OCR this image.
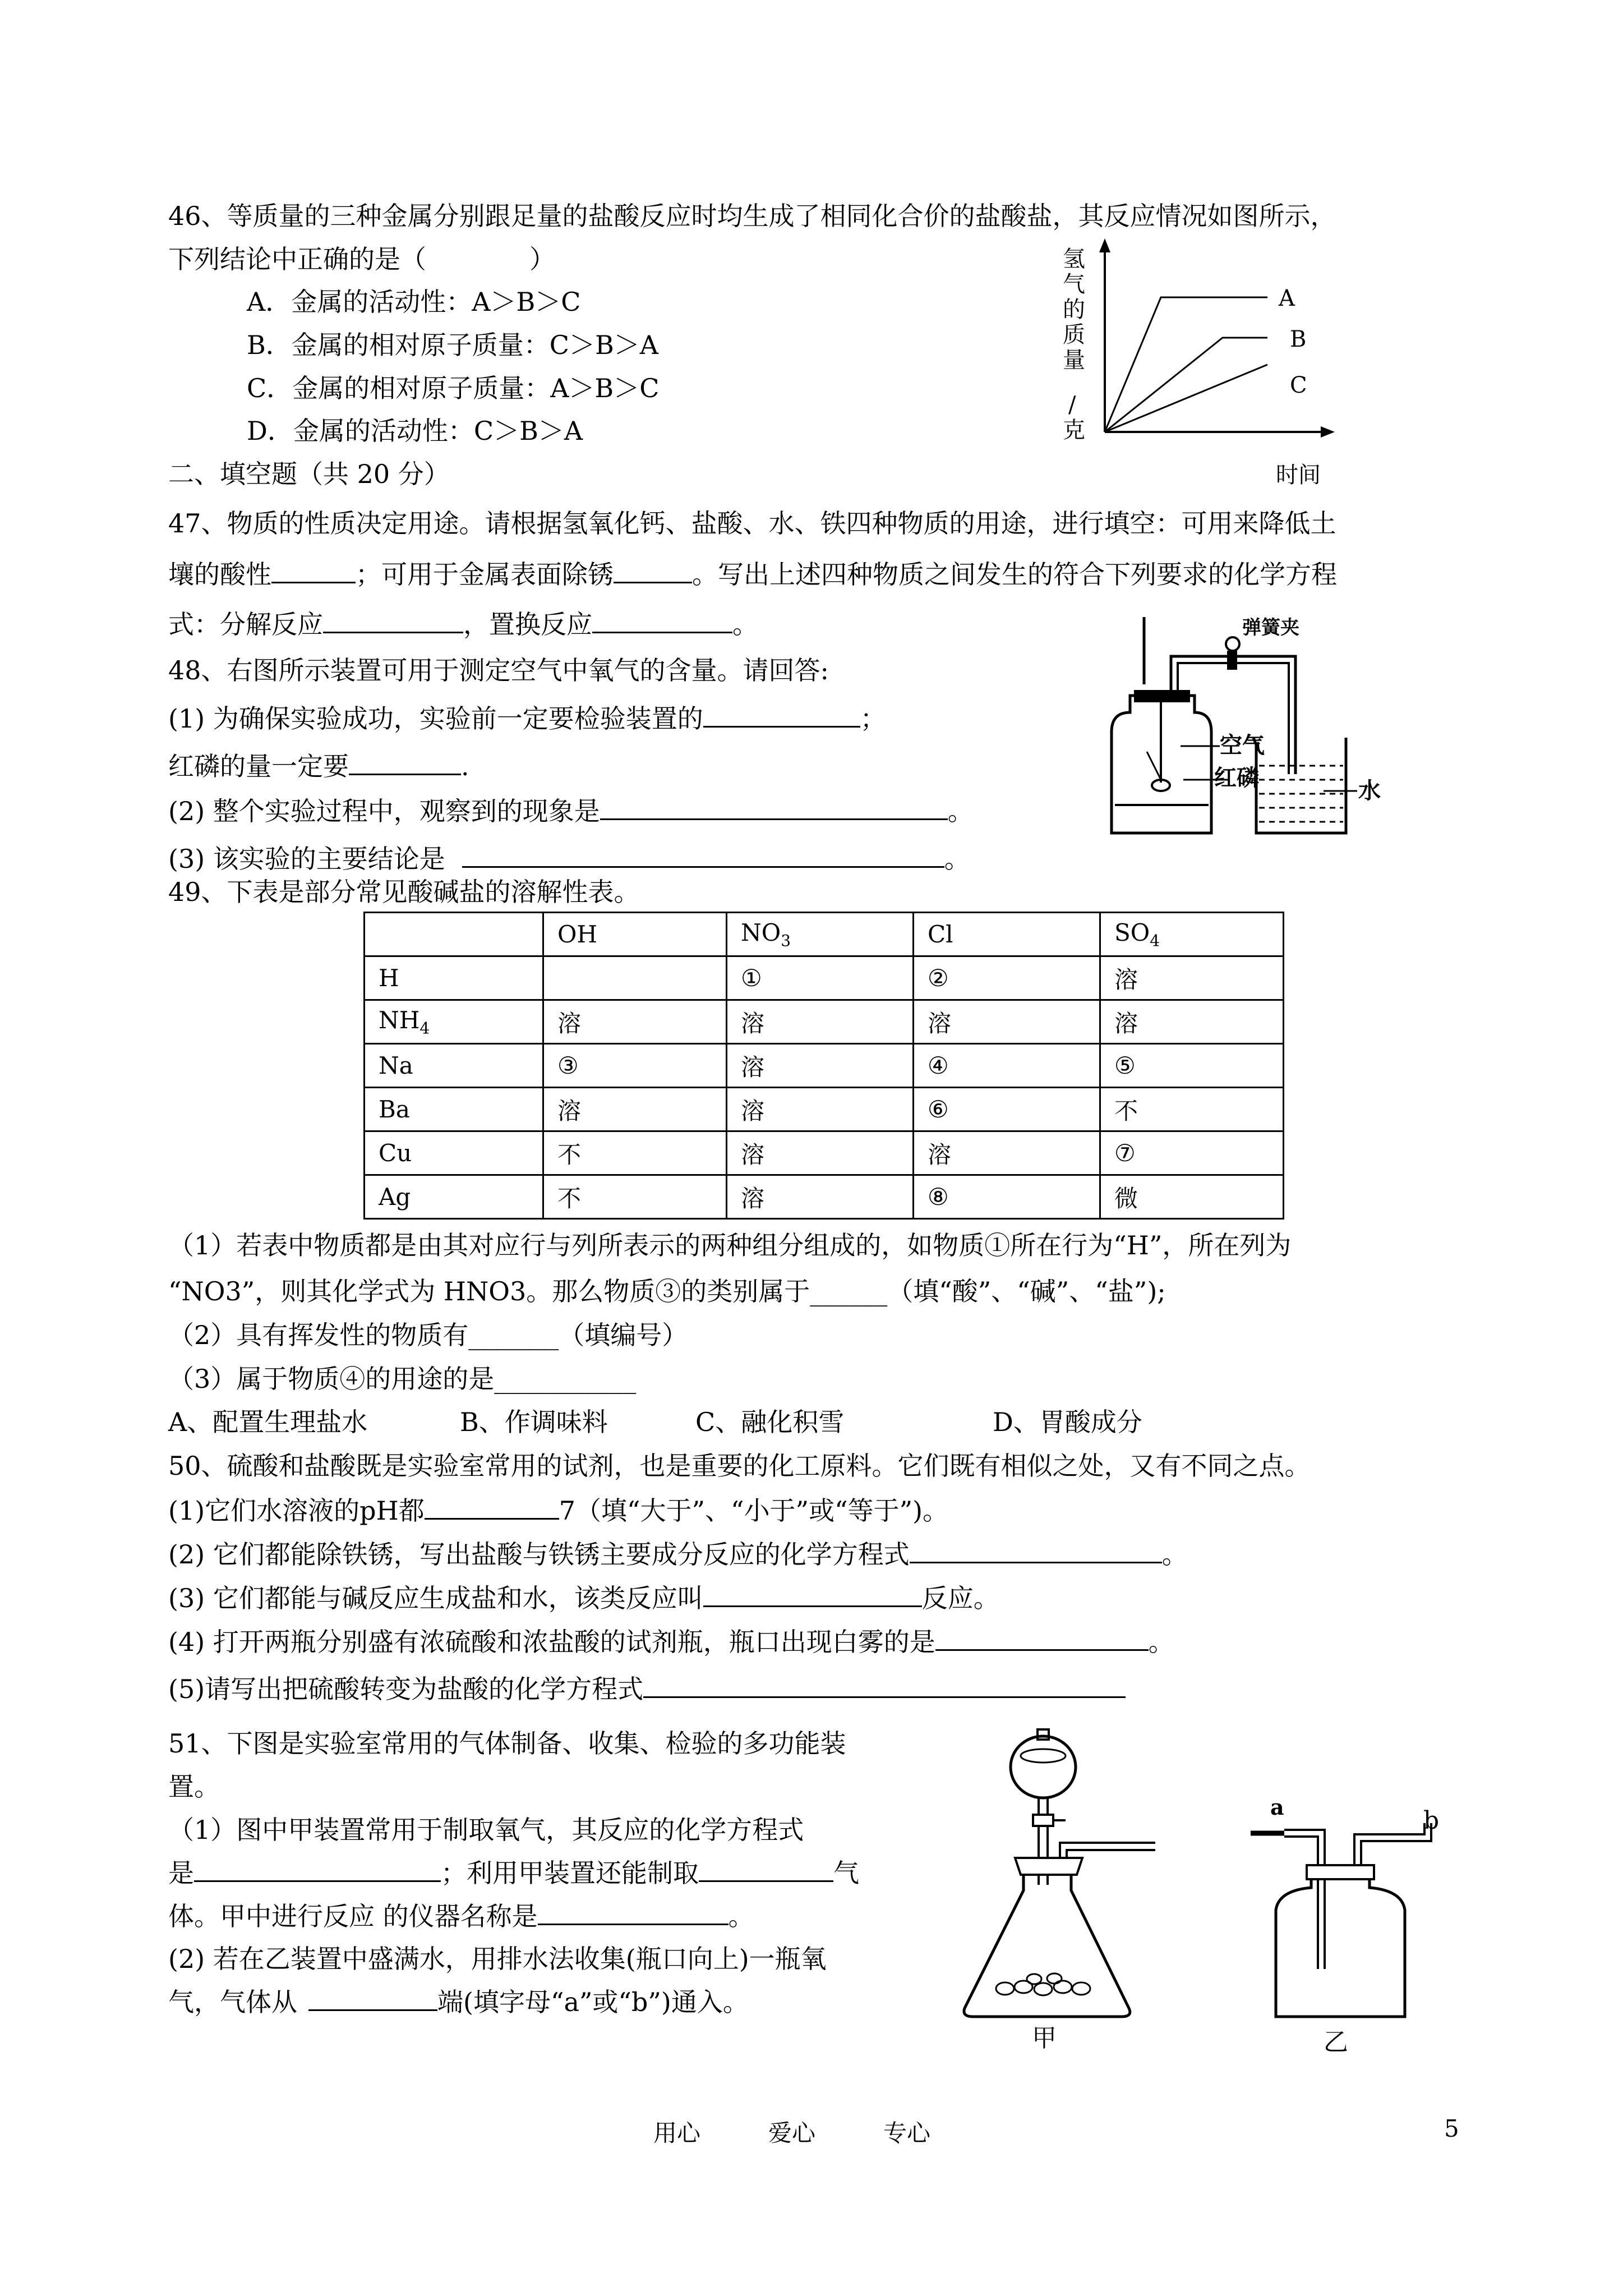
46、等质量的三种金属分别跟足量的盐酸反应时均生成了相同化合价的盐酸盐，其反应情况如图所示，
下列结论中正确的是（　　　　）
A．金属的活动性：A＞B＞C
B．金属的相对原子质量：C＞B＞A
C．金属的相对原子质量：A＞B＞C
D．金属的活动性：C＞B＞A
氢
气
的
质
量
/
克
A
B
C
时间
二、填空题（共 20 分）
47、物质的性质决定用途。请根据氢氧化钙、盐酸、水、铁四种物质的用途，进行填空：可用来降低土
壤的酸性	；可用于金属表面除锈	。写出上述四种物质之间发生的符合下列要求的化学方程
式：分解反应	，置换反应	。
48、右图所示装置可用于测定空气中氧气的含量。请回答:
(1) 为确保实验成功，实验前一定要检验装置的	；
红磷的量一定要	.
(2) 整个实验过程中，观察到的现象是	。
(3) 该实验的主要结论是	。
弹簧夹
空气
红磷	水
49、下表是部分常见酸碱盐的溶解性表。
	OH	$NO_3$	Cl	$SO_4$
H		①	②	溶
$NH_4$	溶	溶	溶	溶
Na	③	溶	④	⑤
Ba	溶	溶	⑥	不
Cu	不	溶	溶	⑦
Ag	不	溶	⑧	微
（1）若表中物质都是由其对应行与列所表示的两种组分组成的，如物质①所在行为“H”，所在列为
“NO3”，则其化学式为 HNO3。那么物质③的类别属于______（填“酸”、“碱”、“盐”);
（2）具有挥发性的物质有_______（填编号）
（3）属于物质④的用途的是___________
A、配置生理盐水	B、作调味料	C、融化积雪	D、胃酸成分
50、硫酸和盐酸既是实验室常用的试剂，也是重要的化工原料。它们既有相似之处，又有不同之点。
(1)它们水溶液的pH都	7（填“大于”、“小于”或“等于”)。
(2) 它们都能除铁锈，写出盐酸与铁锈主要成分反应的化学方程式	。
(3) 它们都能与碱反应生成盐和水，该类反应叫	反应。
(4) 打开两瓶分别盛有浓硫酸和浓盐酸的试剂瓶，瓶口出现白雾的是	。
(5)请写出把硫酸转变为盐酸的化学方程式
51、下图是实验室常用的气体制备、收集、检验的多功能装
置。
（1）图中甲装置常用于制取氧气，其反应的化学方程式
是	；利用甲装置还能制取	气
体。甲中进行反应 的仪器名称是	。
(2) 若在乙装置中盛满水，用排水法收集(瓶口向上)一瓶氧
气，气体从	端(填字母“a”或“b”)通入。
甲
a	b
乙
用心	爱心	专心	5
